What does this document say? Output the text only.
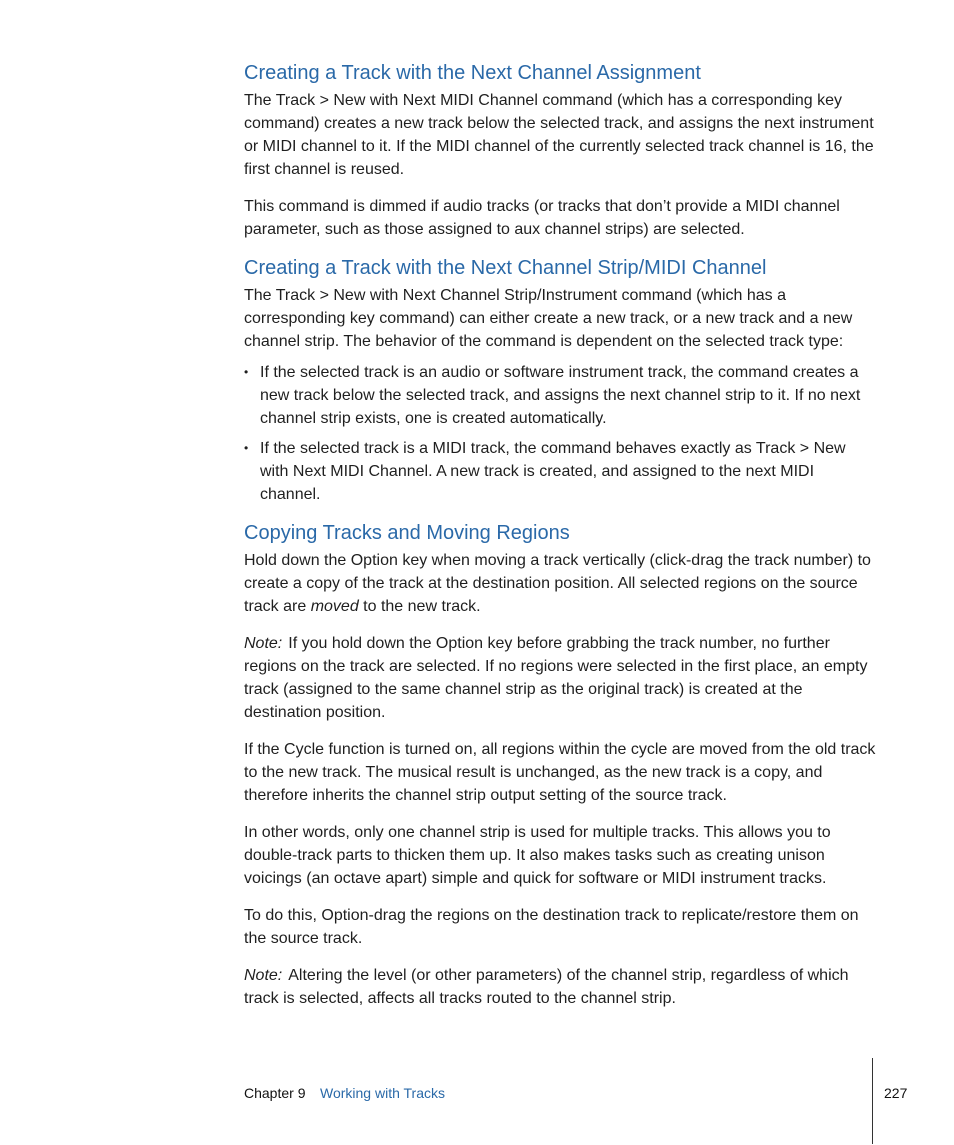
Creating a Track with the Next Channel Assignment

The Track > New with Next MIDI Channel command (which has a corresponding key command) creates a new track below the selected track, and assigns the next instrument or MIDI channel to it. If the MIDI channel of the currently selected track channel is 16, the first channel is reused.

This command is dimmed if audio tracks (or tracks that don’t provide a MIDI channel parameter, such as those assigned to aux channel strips) are selected.

Creating a Track with the Next Channel Strip/MIDI Channel

The Track > New with Next Channel Strip/Instrument command (which has a corresponding key command) can either create a new track, or a new track and a new channel strip. The behavior of the command is dependent on the selected track type:

• If the selected track is an audio or software instrument track, the command creates a new track below the selected track, and assigns the next channel strip to it. If no next channel strip exists, one is created automatically.
• If the selected track is a MIDI track, the command behaves exactly as Track > New with Next MIDI Channel. A new track is created, and assigned to the next MIDI channel.
Copying Tracks and Moving Regions

Hold down the Option key when moving a track vertically (click-drag the track number) to create a copy of the track at the destination position. All selected regions on the source track are moved to the new track.

Note: If you hold down the Option key before grabbing the track number, no further regions on the track are selected. If no regions were selected in the first place, an empty track (assigned to the same channel strip as the original track) is created at the destination position.

If the Cycle function is turned on, all regions within the cycle are moved from the old track to the new track. The musical result is unchanged, as the new track is a copy, and therefore inherits the channel strip output setting of the source track.

In other words, only one channel strip is used for multiple tracks. This allows you to double-track parts to thicken them up. It also makes tasks such as creating unison voicings (an octave apart) simple and quick for software or MIDI instrument tracks.

To do this, Option-drag the regions on the destination track to replicate/restore them on the source track.

Note: Altering the level (or other parameters) of the channel strip, regardless of which track is selected, affects all tracks routed to the channel strip.

Chapter 9 Working with Tracks	227
